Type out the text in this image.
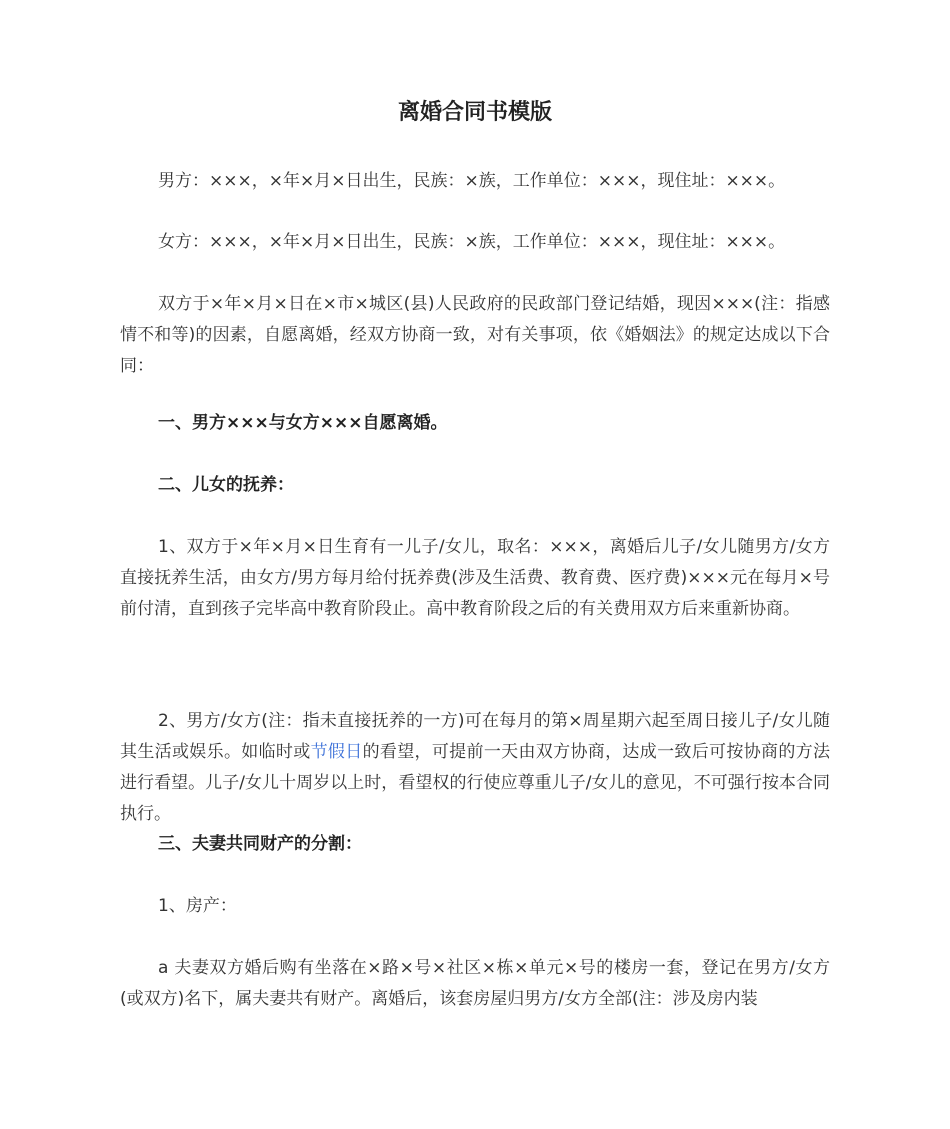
离婚合同书模版

男方：×××，×年×月×日出生，民族：×族，工作单位：×××，现住址：×××。

女方：×××，×年×月×日出生，民族：×族，工作单位：×××，现住址：×××。

双方于×年×月×日在×市×城区(县)人民政府的民政部门登记结婚，现因×××(注：指感情不和等)的因素，自愿离婚，经双方协商一致，对有关事项，依《婚姻法》的规定达成以下合同：

一、男方×××与女方×××自愿离婚。

二、儿女的抚养：

1、双方于×年×月×日生育有一儿子/女儿，取名：×××，离婚后儿子/女儿随男方/女方直接抚养生活，由女方/男方每月给付抚养费(涉及生活费、教育费、医疗费)×××元在每月×号前付清，直到孩子完毕高中教育阶段止。高中教育阶段之后的有关费用双方后来重新协商。

2、男方/女方(注：指未直接抚养的一方)可在每月的第×周星期六起至周日接儿子/女儿随其生活或娱乐。如临时或节假日的看望，可提前一天由双方协商，达成一致后可按协商的方法进行看望。儿子/女儿十周岁以上时，看望权的行使应尊重儿子/女儿的意见，不可强行按本合同执行。

三、夫妻共同财产的分割：

1、房产：

a 夫妻双方婚后购有坐落在×路×号×社区×栋×单元×号的楼房一套，登记在男方/女方(或双方)名下，属夫妻共有财产。离婚后，该套房屋归男方/女方全部(注：涉及房内装
